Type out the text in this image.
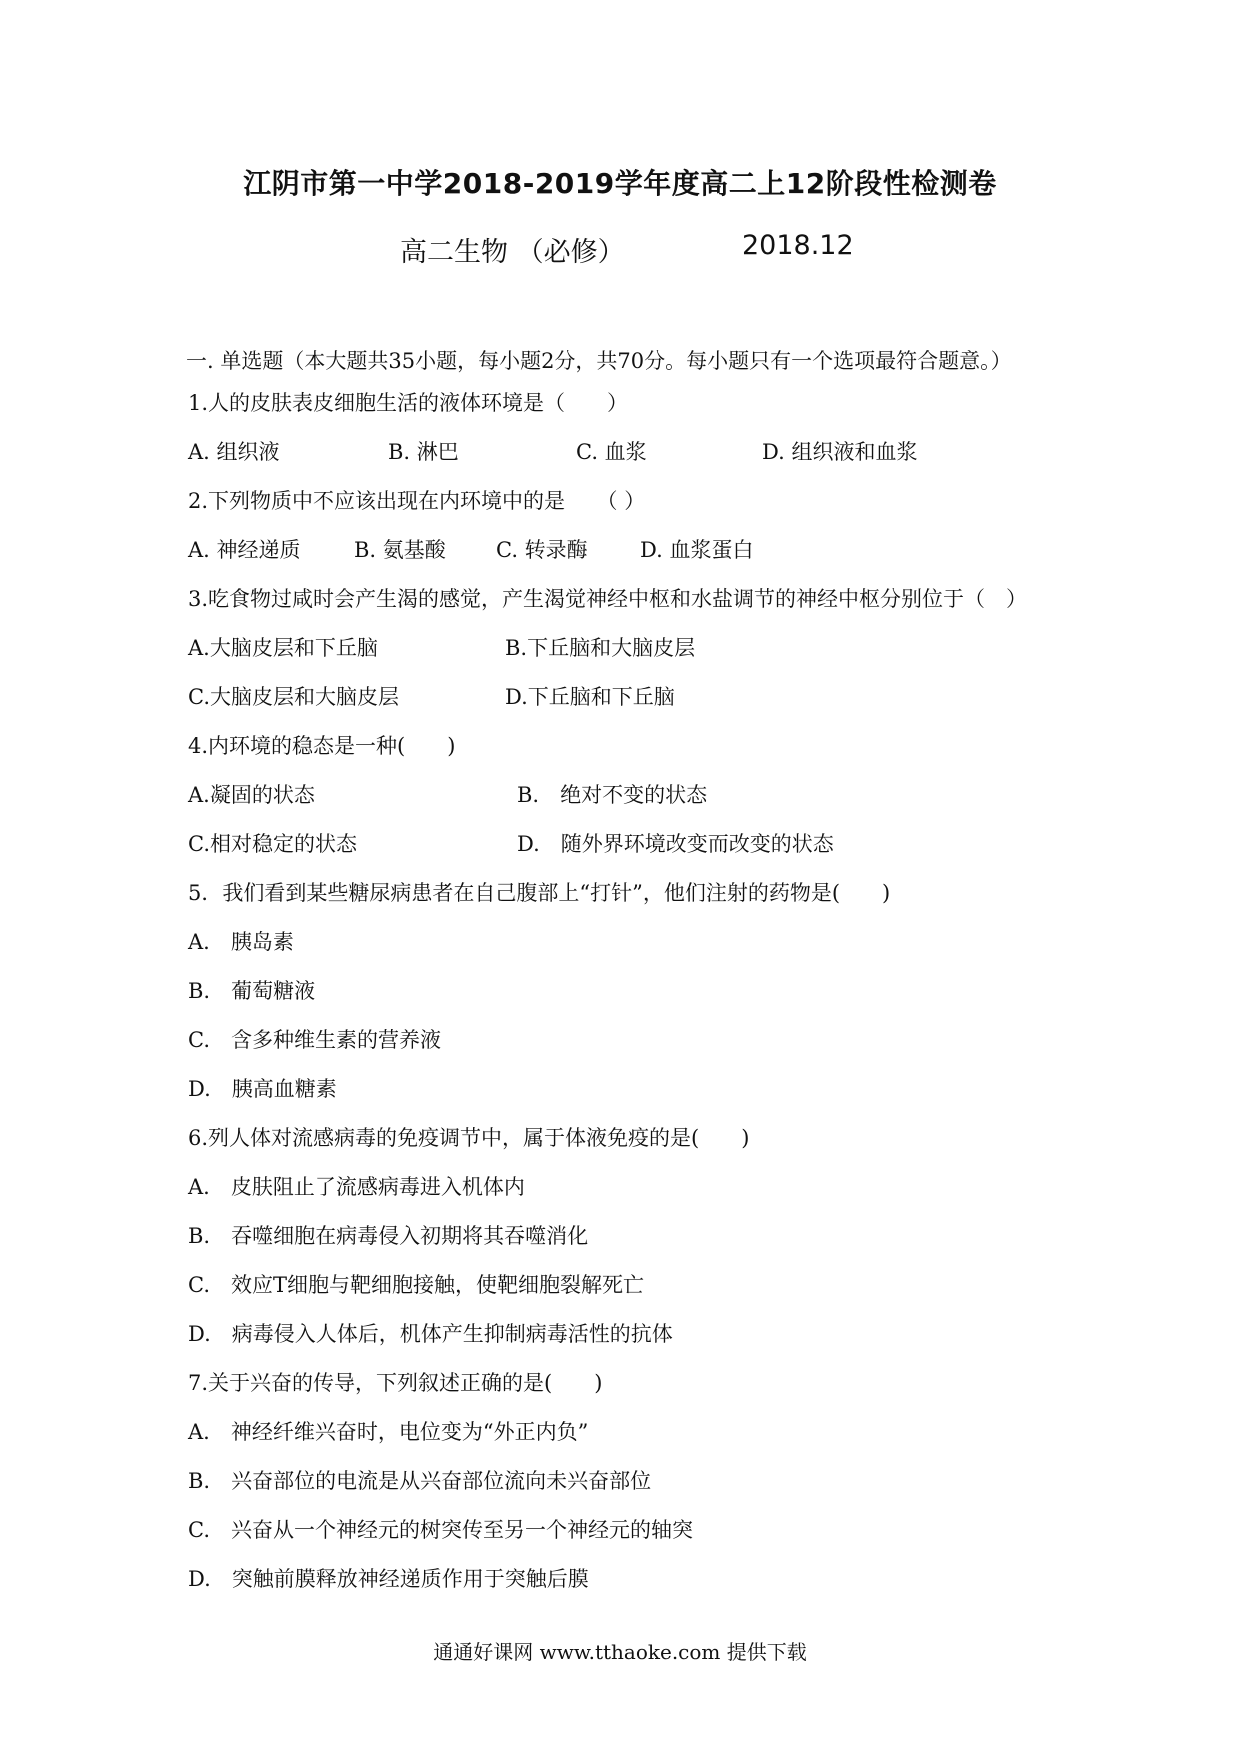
江阴市第一中学2018-2019学年度高二上12阶段性检测卷
高二生物 （必修）	2018.12
一. 单选题（本大题共35小题，每小题2分，共70分。每小题只有一个选项最符合题意。）
1.人的皮肤表皮细胞生活的液体环境是（　　）
A. 组织液	B. 淋巴	C. 血浆	D. 组织液和血浆
2.下列物质中不应该出现在内环境中的是　　（ ）
A. 神经递质	B. 氨基酸 C. 转录酶 D. 血浆蛋白
3.吃食物过咸时会产生渴的感觉，产生渴觉神经中枢和水盐调节的神经中枢分别位于（　）
A.大脑皮层和下丘脑	B.下丘脑和大脑皮层
C.大脑皮层和大脑皮层	D.下丘脑和下丘脑
4.内环境的稳态是一种(　　)
A.凝固的状态	B.　绝对不变的状态
C.相对稳定的状态	D.　随外界环境改变而改变的状态
5．我们看到某些糖尿病患者在自己腹部上“打针”，他们注射的药物是(　　)
A.　胰岛素
B.　葡萄糖液
C.　含多种维生素的营养液
D.　胰高血糖素
6.列人体对流感病毒的免疫调节中，属于体液免疫的是(　　)
A.　皮肤阻止了流感病毒进入机体内
B.　吞噬细胞在病毒侵入初期将其吞噬消化
C.　效应T细胞与靶细胞接触，使靶细胞裂解死亡
D.　病毒侵入人体后，机体产生抑制病毒活性的抗体
7.关于兴奋的传导，下列叙述正确的是(　　)
A.　神经纤维兴奋时，电位变为“外正内负”
B.　兴奋部位的电流是从兴奋部位流向未兴奋部位
C.　兴奋从一个神经元的树突传至另一个神经元的轴突
D.　突触前膜释放神经递质作用于突触后膜
通通好课网 www.tthaoke.com 提供下载
